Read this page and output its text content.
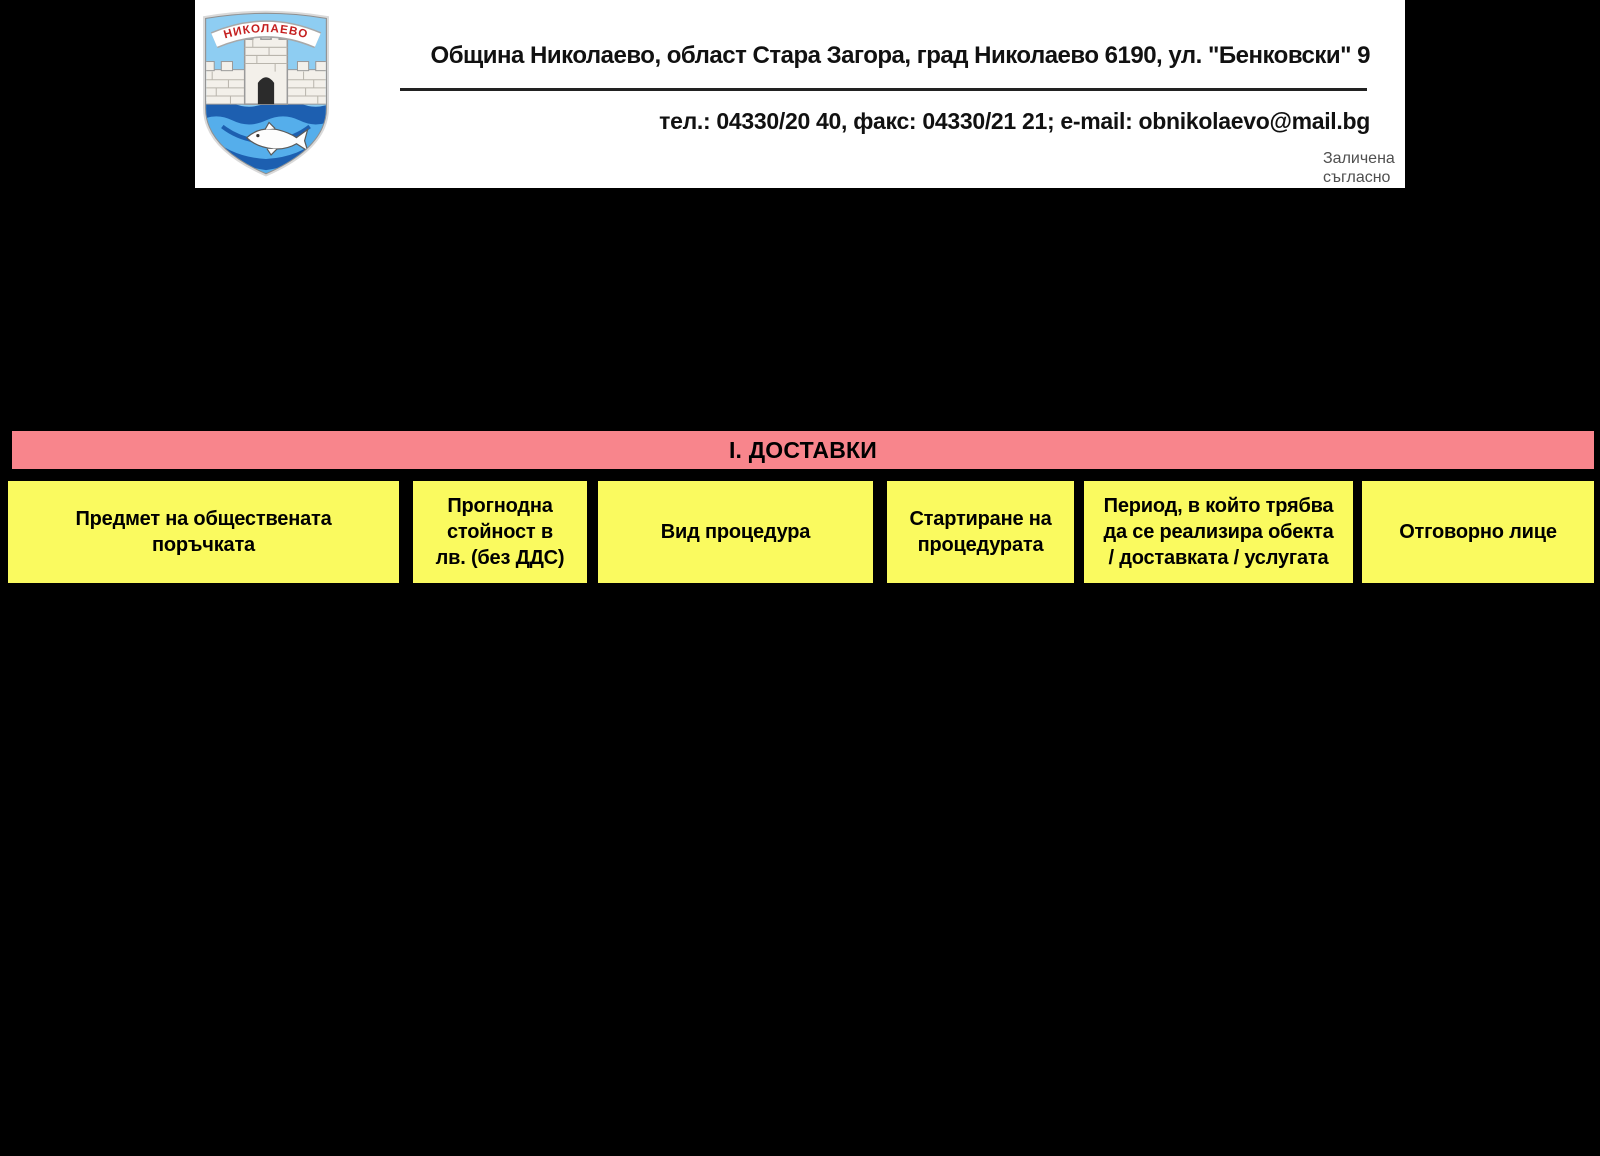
НИКОЛАЕВО
Община Николаево, област Стара Загора, град Николаево 6190, ул. "Бенковски" 9
тел.: 04330/20 40, факс: 04330/21 21; e-mail: obnikolaevo@mail.bg
Заличена
съгласно
I. ДОСТАВКИ
Предмет на обществената
поръчката
Прогнодна
стойност в
лв. (без ДДС)
Вид процедура
Стартиране на
процедурата
Период, в който трябва
да се реализира обекта
/ доставката / услугата
Отговорно лице
